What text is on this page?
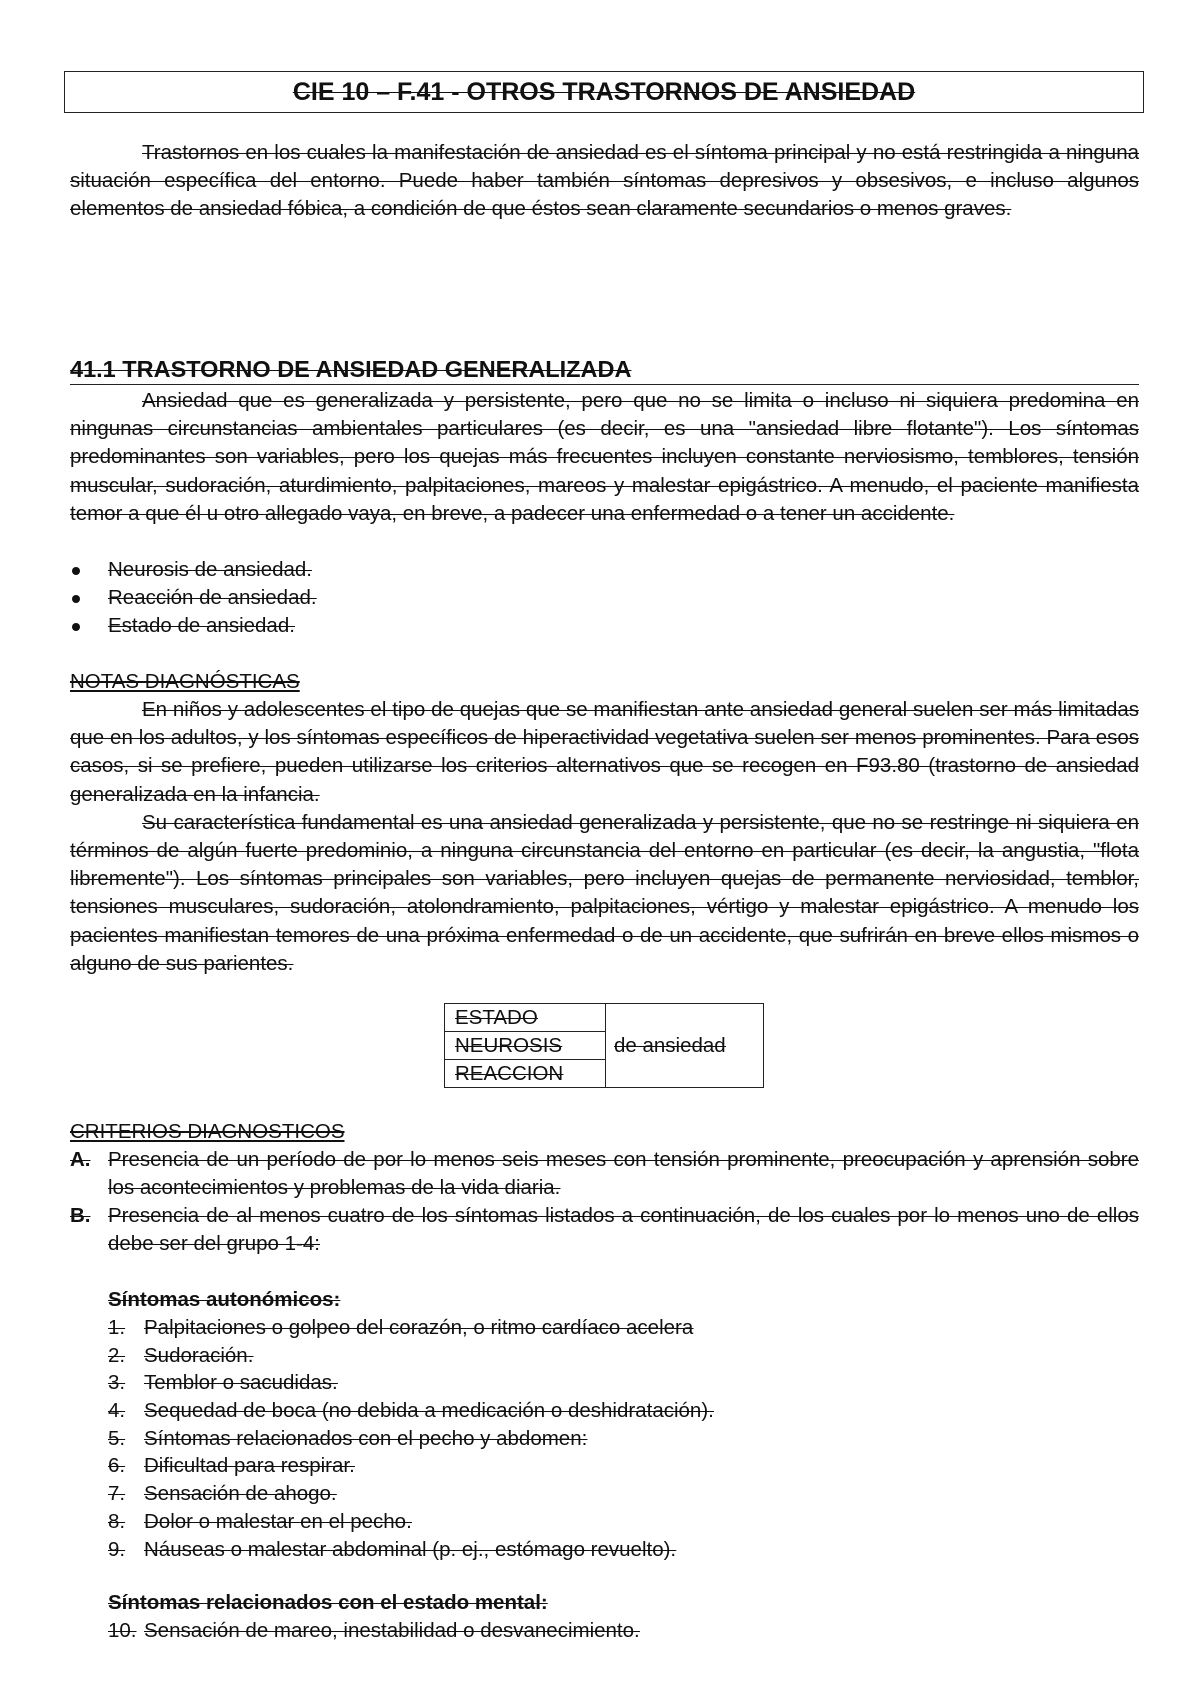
CIE 10 – F.41 - OTROS TRASTORNOS DE ANSIEDAD

Trastornos en los cuales la manifestación de ansiedad es el síntoma principal y no está restringida a ninguna situación específica del entorno. Puede haber también síntomas depresivos y obsesivos, e incluso algunos elementos de ansiedad fóbica, a condición de que éstos sean claramente secundarios o menos graves.

41.1 TRASTORNO DE ANSIEDAD GENERALIZADA

Ansiedad que es generalizada y persistente, pero que no se limita o incluso ni siquiera predomina en ningunas circunstancias ambientales particulares (es decir, es una "ansiedad libre flotante"). Los síntomas predominantes son variables, pero los quejas más frecuentes incluyen constante nerviosismo, temblores, tensión muscular, sudoración, aturdimiento, palpitaciones, mareos y malestar epigástrico. A menudo, el paciente manifiesta temor a que él u otro allegado vaya, en breve, a padecer una enfermedad o a tener un accidente.

Neurosis de ansiedad.
Reacción de ansiedad.
Estado de ansiedad.
NOTAS DIAGNÓSTICAS

En niños y adolescentes el tipo de quejas que se manifiestan ante ansiedad general suelen ser más limitadas que en los adultos, y los síntomas específicos de hiperactividad vegetativa suelen ser menos prominentes. Para esos casos, si se prefiere, pueden utilizarse los criterios alternativos que se recogen en F93.80 (trastorno de ansiedad generalizada en la infancia.

Su característica fundamental es una ansiedad generalizada y persistente, que no se restringe ni siquiera en términos de algún fuerte predominio, a ninguna circunstancia del entorno en particular (es decir, la angustia, "flota libremente"). Los síntomas principales son variables, pero incluyen quejas de permanente nerviosidad, temblor, tensiones musculares, sudoración, atolondramiento, palpitaciones, vértigo y malestar epigástrico. A menudo los pacientes manifiestan temores de una próxima enfermedad o de un accidente, que sufrirán en breve ellos mismos o alguno de sus parientes.

ESTADO	de ansiedad
NEUROSIS
REACCION
CRITERIOS DIAGNOSTICOS
A. Presencia de un período de por lo menos seis meses con tensión prominente, preocupación y aprensión sobre los acontecimientos y problemas de la vida diaria.
B. Presencia de al menos cuatro de los síntomas listados a continuación, de los cuales por lo menos uno de ellos debe ser del grupo 1-4:
Síntomas autonómicos:
1. Palpitaciones o golpeo del corazón, o ritmo cardíaco acelera
2. Sudoración.
3. Temblor o sacudidas.
4. Sequedad de boca (no debida a medicación o deshidratación).
5. Síntomas relacionados con el pecho y abdomen:
6. Dificultad para respirar.
7. Sensación de ahogo.
8. Dolor o malestar en el pecho.
9. Náuseas o malestar abdominal (p. ej., estómago revuelto).
Síntomas relacionados con el estado mental:
10. Sensación de mareo, inestabilidad o desvanecimiento.
